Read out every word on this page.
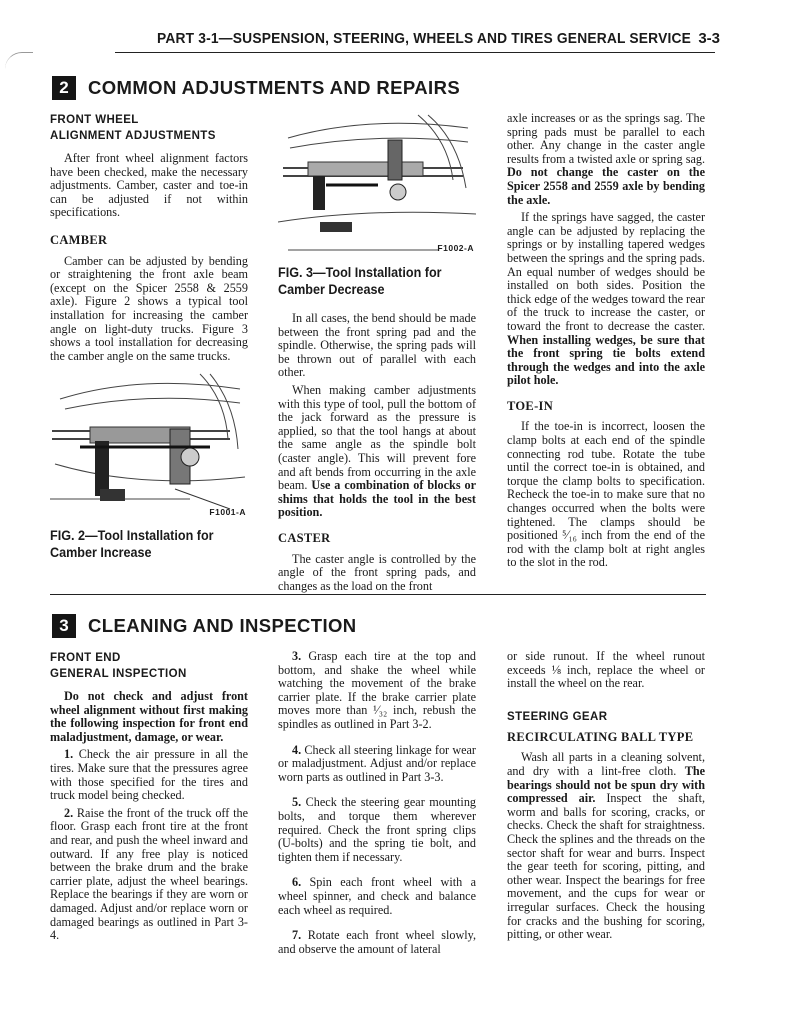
PART 3-1—SUSPENSION, STEERING, WHEELS AND TIRES GENERAL SERVICE 3-3
2	COMMON ADJUSTMENTS AND REPAIRS
FRONT WHEEL
ALIGNMENT ADJUSTMENTS

After front wheel alignment factors have been checked, make the necessary adjustments. Camber, caster and toe-in can be adjusted if not within specifications.

CAMBER

Camber can be adjusted by bending or straightening the front axle beam (except on the Spicer 2558 & 2559 axle). Figure 2 shows a typical tool installation for increasing the camber angle on light-duty trucks. Figure 3 shows a tool installation for decreasing the camber angle on the same trucks.

F1001-A
FIG. 2—Tool Installation for Camber Increase
F1002-A
FIG. 3—Tool Installation for Camber Decrease

In all cases, the bend should be made between the front spring pad and the spindle. Otherwise, the spring pads will be thrown out of parallel with each other.

When making camber adjustments with this type of tool, pull the bottom of the jack forward as the pressure is applied, so that the tool hangs at about the same angle as the spindle bolt (caster angle). This will prevent fore and aft bends from occurring in the axle beam. Use a combination of blocks or shims that holds the tool in the best position.

CASTER

The caster angle is controlled by the angle of the front spring pads, and changes as the load on the front

axle increases or as the springs sag. The spring pads must be parallel to each other. Any change in the caster angle results from a twisted axle or spring sag. Do not change the caster on the Spicer 2558 and 2559 axle by bending the axle.

If the springs have sagged, the caster angle can be adjusted by replacing the springs or by installing tapered wedges between the springs and the spring pads. An equal number of wedges should be installed on both sides. Position the thick edge of the wedges toward the rear of the truck to increase the caster, or toward the front to decrease the caster. When installing wedges, be sure that the front spring tie bolts extend through the wedges and into the axle pilot hole.

TOE-IN

If the toe-in is incorrect, loosen the clamp bolts at each end of the spindle connecting rod tube. Rotate the tube until the correct toe-in is obtained, and torque the clamp bolts to specification. Recheck the toe-in to make sure that no changes occurred when the bolts were tightened. The clamps should be positioned ⁵⁄₁₆ inch from the end of the rod with the clamp bolt at right angles to the slot in the rod.

3	CLEANING AND INSPECTION
FRONT END
GENERAL INSPECTION

Do not check and adjust front wheel alignment without first making the following inspection for front end maladjustment, damage, or wear.

1. Check the air pressure in all the tires. Make sure that the pressures agree with those specified for the tires and truck model being checked.

2. Raise the front of the truck off the floor. Grasp each front tire at the front and rear, and push the wheel inward and outward. If any free play is noticed between the brake drum and the brake carrier plate, adjust the wheel bearings. Replace the bearings if they are worn or damaged. Adjust and/or replace worn or damaged bearings as outlined in Part 3-4.

3. Grasp each tire at the top and bottom, and shake the wheel while watching the movement of the brake carrier plate. If the brake carrier plate moves more than ¹⁄₃₂ inch, rebush the spindles as outlined in Part 3-2.

4. Check all steering linkage for wear or maladjustment. Adjust and/or replace worn parts as outlined in Part 3-3.

5. Check the steering gear mounting bolts, and torque them wherever required. Check the front spring clips (U-bolts) and the spring tie bolt, and tighten them if necessary.

6. Spin each front wheel with a wheel spinner, and check and balance each wheel as required.

7. Rotate each front wheel slowly, and observe the amount of lateral

or side runout. If the wheel runout exceeds ⅛ inch, replace the wheel or install the wheel on the rear.

STEERING GEAR
RECIRCULATING BALL TYPE

Wash all parts in a cleaning solvent, and dry with a lint-free cloth. The bearings should not be spun dry with compressed air. Inspect the shaft, worm and balls for scoring, cracks, or checks. Check the shaft for straightness. Check the splines and the threads on the sector shaft for wear and burrs. Inspect the gear teeth for scoring, pitting, and other wear. Inspect the bearings for free movement, and the cups for wear or irregular surfaces. Check the housing for cracks and the bushing for scoring, pitting, or other wear.
